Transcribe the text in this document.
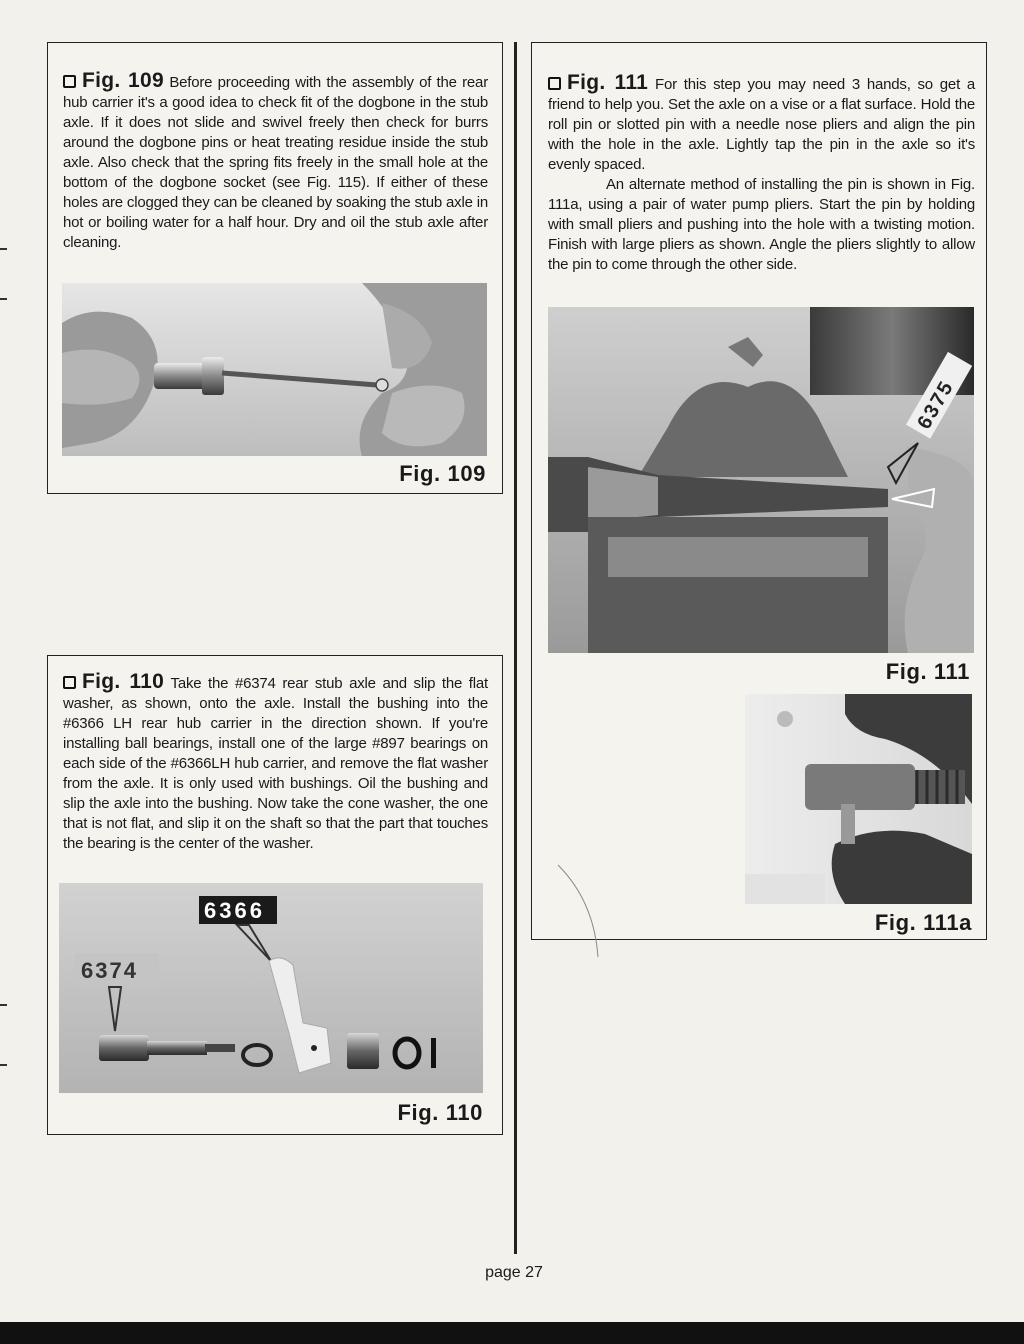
Fig. 109 Before proceeding with the assembly of the rear hub carrier it's a good idea to check fit of the dogbone in the stub axle. If it does not slide and swivel freely then check for burrs around the dogbone pins or heat treating residue inside the stub axle. Also check that the spring fits freely in the small hole at the bottom of the dogbone socket (see Fig. 115). If either of these holes are clogged they can be cleaned by soaking the stub axle in hot or boiling water for a half hour. Dry and oil the stub axle after cleaning.

Fig. 109

Fig. 110 Take the #6374 rear stub axle and slip the flat washer, as shown, onto the axle. Install the bushing into the #6366 LH rear hub carrier in the direction shown. If you're installing ball bearings, install one of the large #897 bearings on each side of the #6366LH hub carrier, and remove the flat washer from the axle. It is only used with bushings. Oil the bushing and slip the axle into the bushing. Now take the cone washer, the one that is not flat, and slip it on the shaft so that the part that touches the bearing is the center of the washer.

6374
6366
Fig. 110

Fig. 111 For this step you may need 3 hands, so get a friend to help you. Set the axle on a vise or a flat surface. Hold the roll pin or slotted pin with a needle nose pliers and align the pin with the hole in the axle. Lightly tap the pin in the axle so it's evenly spaced.
An alternate method of installing the pin is shown in Fig. 111a, using a pair of water pump pliers. Start the pin by holding with small pliers and pushing into the hole with a twisting motion. Finish with large pliers as shown. Angle the pliers slightly to allow the pin to come through the other side.

6375
Fig. 111
Fig. 111a
page 27
